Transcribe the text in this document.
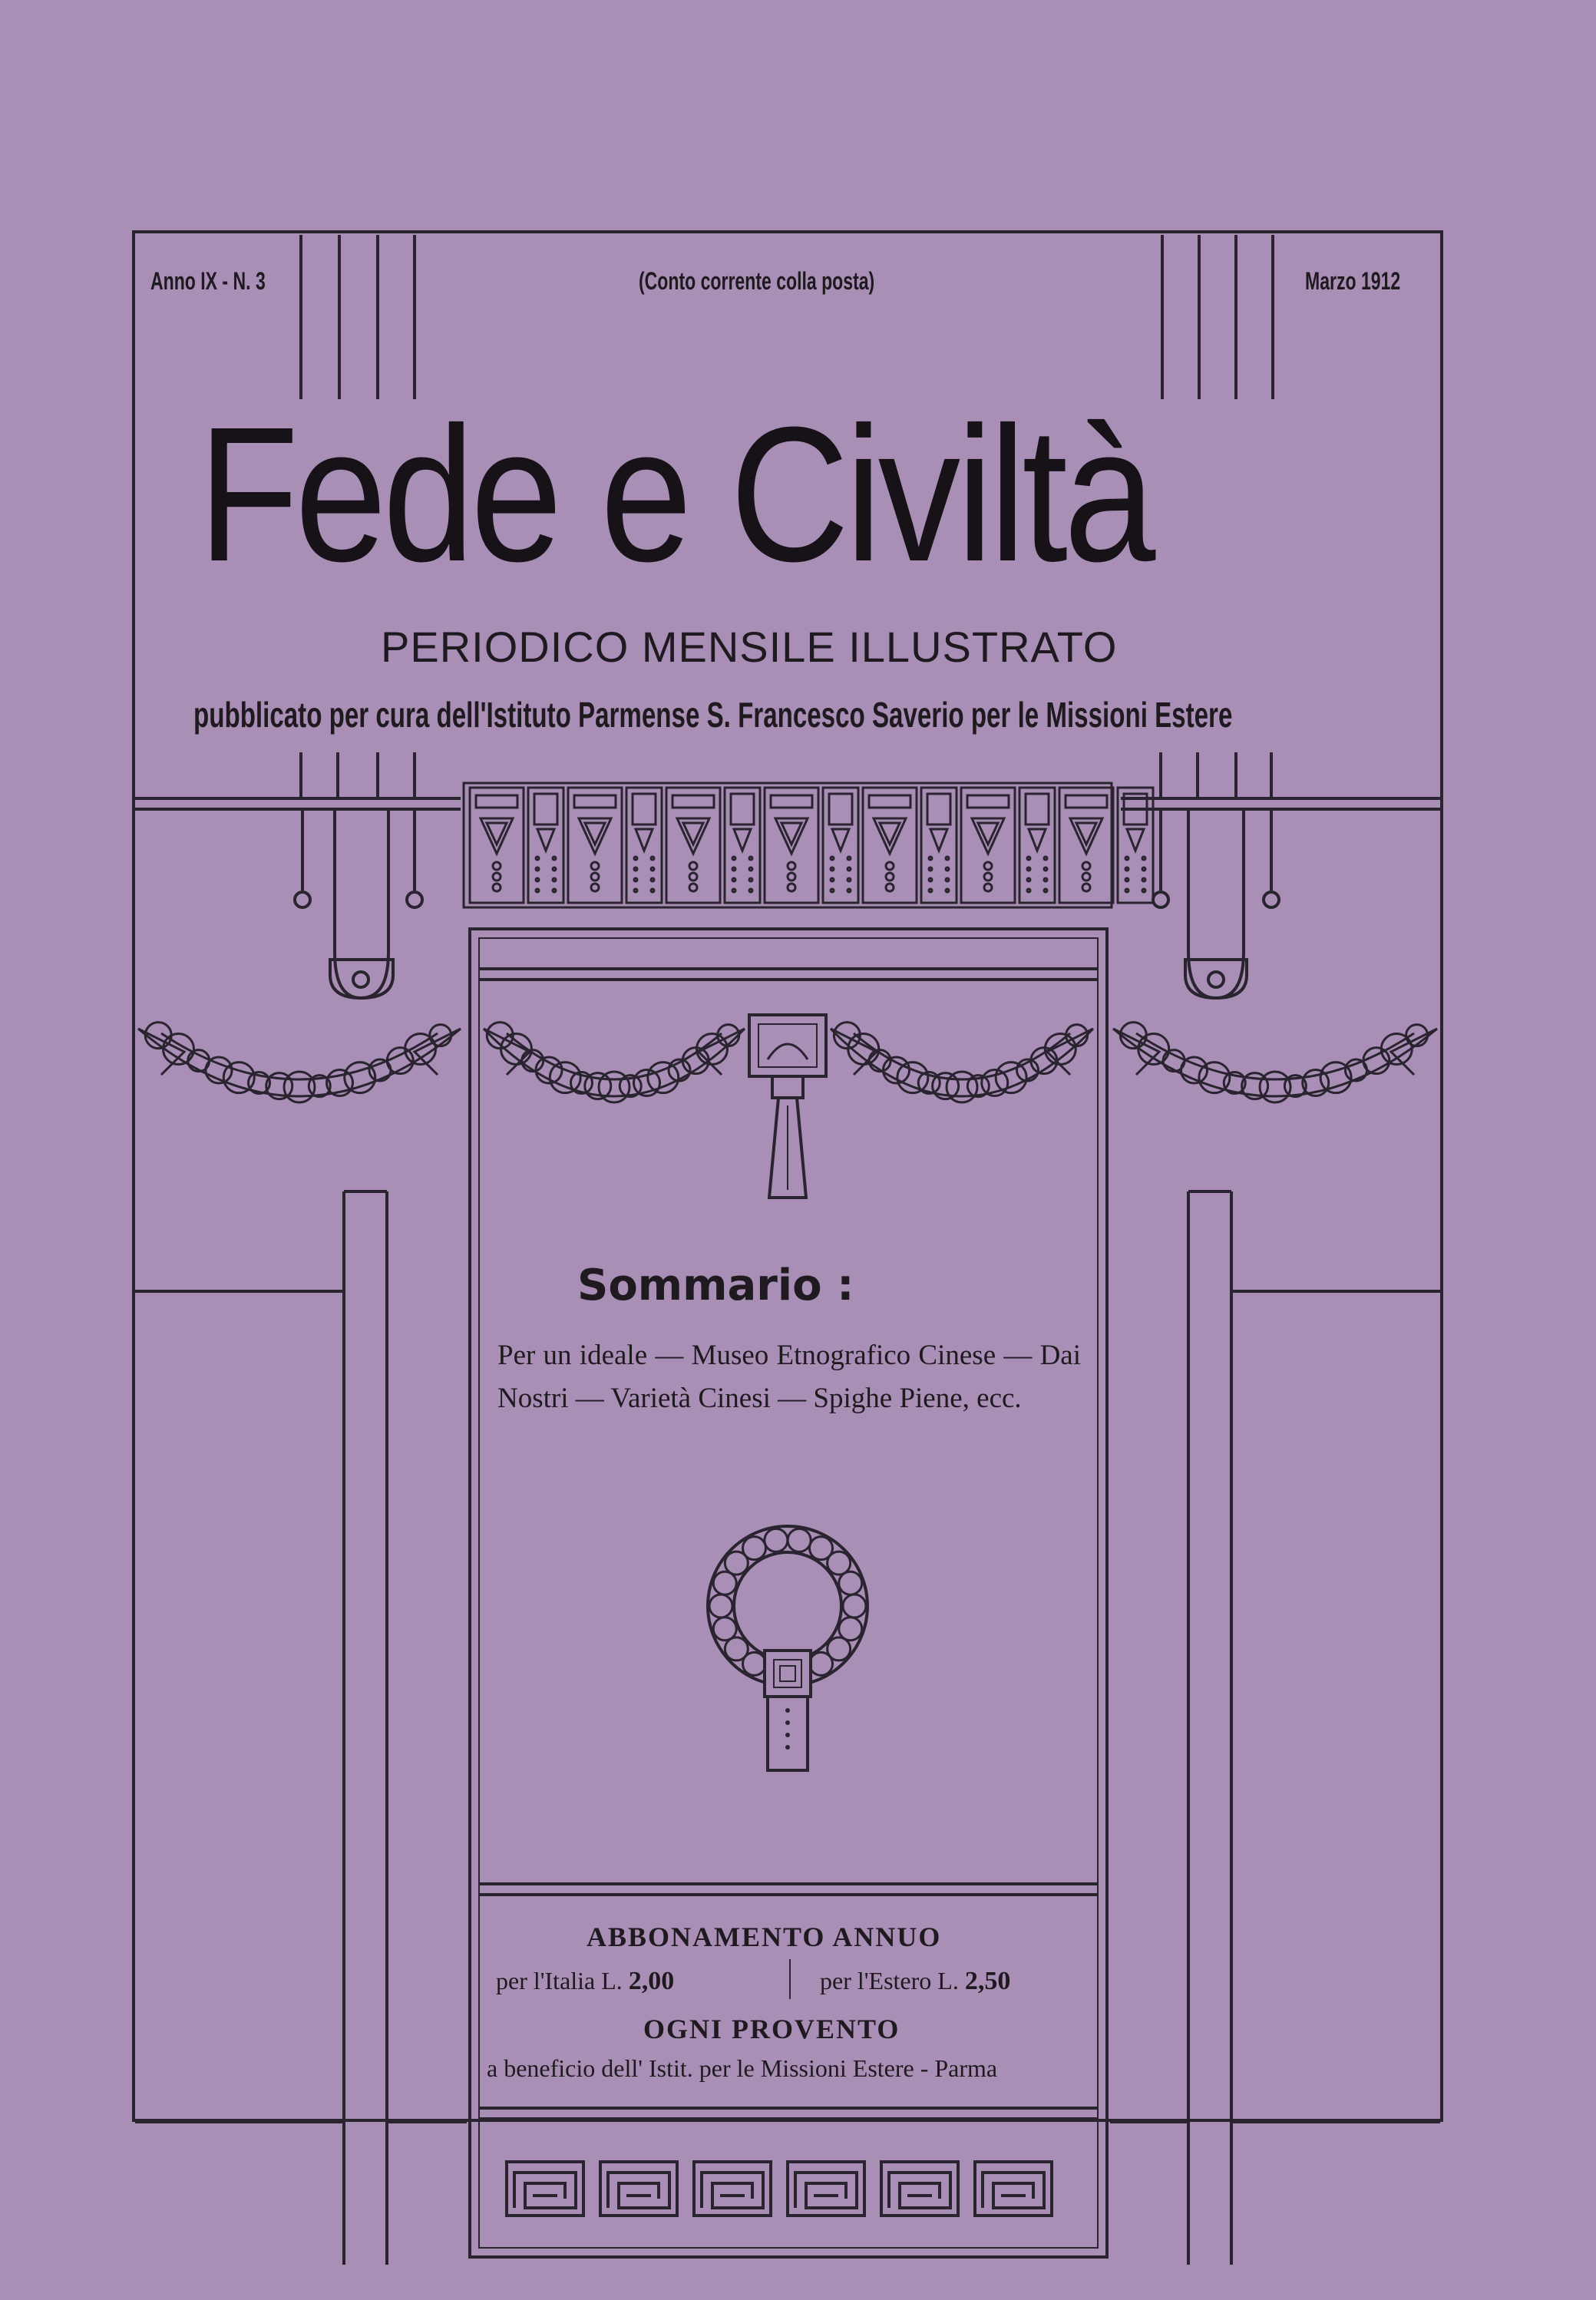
Anno IX - N. 3	(Conto corrente colla posta)	Marzo 1912
Fede e Civiltà
PERIODICO MENSILE ILLUSTRATO
pubblicato per cura dell'Istituto Parmense S. Francesco Saverio per le Missioni Estere
Sommario :
Per un ideale — Museo Etnografico Cinese — Dai Nostri — Varietà Cinesi — Spighe Piene, ecc.
ABBONAMENTO ANNUO
per l'Italia L. 2,00	per l'Estero L. 2,50
OGNI PROVENTO
a beneficio dell' Istit. per le Missioni Estere - Parma
